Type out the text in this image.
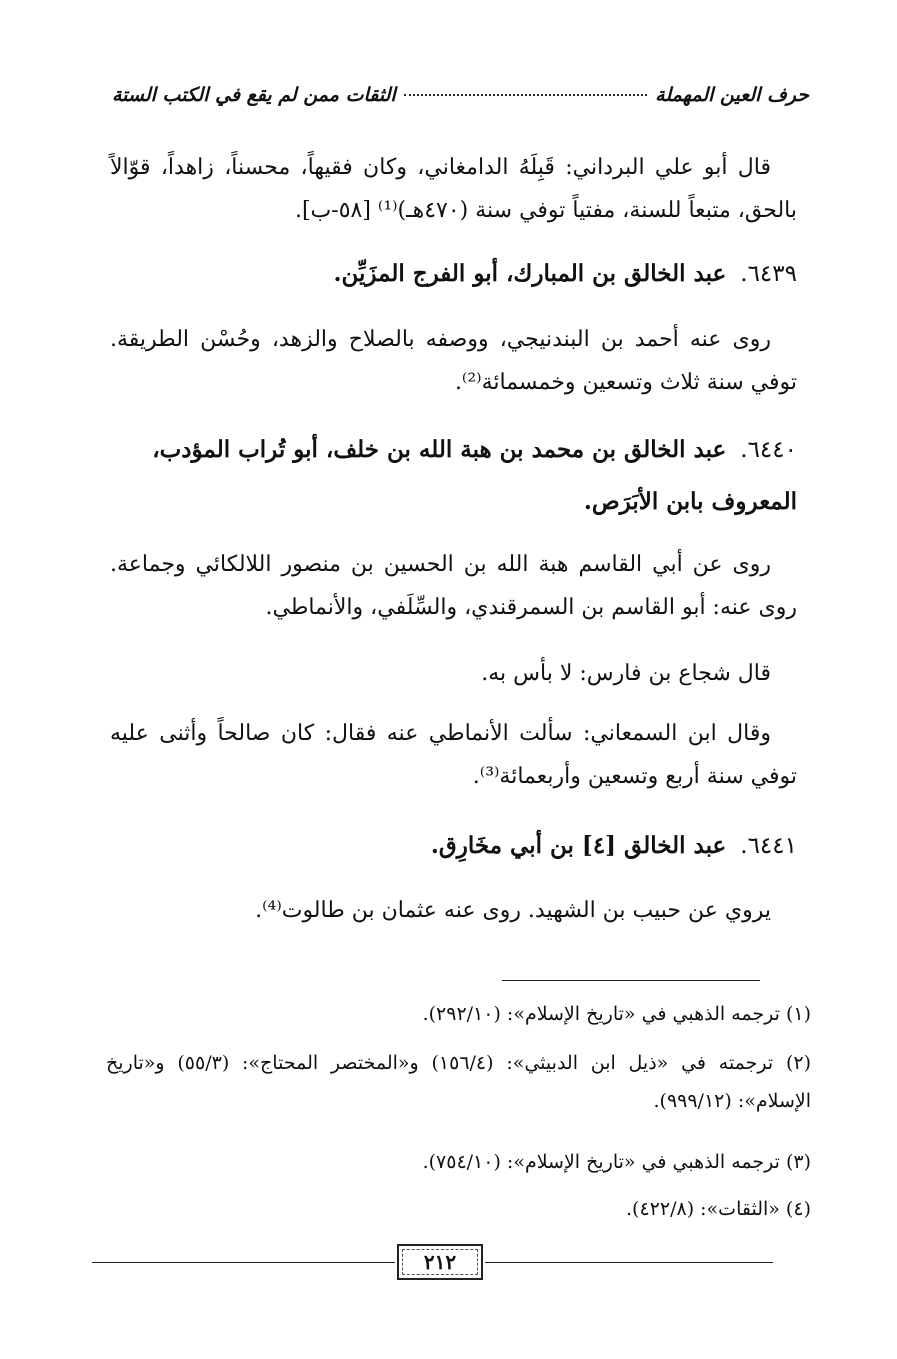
حرف العين المهملة
الثقات ممن لم يقع في الكتب الستة

قال أبو علي البرداني: قَبِلَهُ الدامغاني، وكان فقيهاً، محسناً، زاهداً، قوّالاً بالحق، متبعاً للسنة، مفتياً توفي سنة (٤٧٠هـ)⁽¹⁾ [٥٨-ب].

٦٤٣٩. عبد الخالق بن المبارك، أبو الفرج المزَيِّن.

روى عنه أحمد بن البندنيجي، ووصفه بالصلاح والزهد، وحُسْن الطريقة. توفي سنة ثلاث وتسعين وخمسمائة⁽²⁾.

٦٤٤٠. عبد الخالق بن محمد بن هبة الله بن خلف، أبو تُراب المؤدب، المعروف بابن الأبَرَص.

روى عن أبي القاسم هبة الله بن الحسين بن منصور اللالكائي وجماعة. روى عنه: أبو القاسم بن السمرقندي، والسِّلَفي، والأنماطي.

قال شجاع بن فارس: لا بأس به.

وقال ابن السمعاني: سألت الأنماطي عنه فقال: كان صالحاً وأثنى عليه توفي سنة أربع وتسعين وأربعمائة⁽³⁾.

٦٤٤١. عبد الخالق [٤] بن أبي مخَارِق.

يروي عن حبيب بن الشهيد. روى عنه عثمان بن طالوت⁽⁴⁾.

(١) ترجمه الذهبي في «تاريخ الإسلام»: (٢٩٢/١٠).

(٢) ترجمته في «ذيل ابن الدبيثي»: (١٥٦/٤) و«المختصر المحتاج»: (٥٥/٣) و«تاريخ الإسلام»: (٩٩٩/١٢).

(٣) ترجمه الذهبي في «تاريخ الإسلام»: (٧٥٤/١٠).

(٤) «الثقات»: (٤٢٢/٨).

٢١٢
